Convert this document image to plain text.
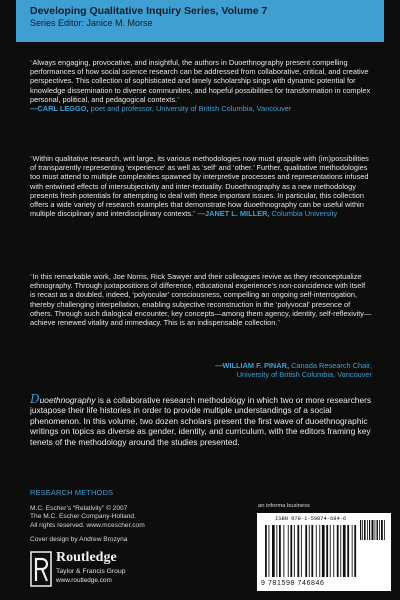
Developing Qualitative Inquiry Series, Volume 7
Series Editor: Janice M. Morse
“Always engaging, provocative, and insightful, the authors in Duoethnography present compelling performances of how social science research can be addressed from collaborative, critical, and creative perspectives. This collection of sophisticated and timely scholarship sings with dynamic potential for knowledge dissemination to diverse communities, and hopeful possibilities for transformation in complex personal, political, and pedagogical contexts.”
—CARL LEGGO, poet and professor, University of British Columbia, Vancouver
“Within qualitative research, writ large, its various methodologies now must grapple with (im)possibilities of transparently representing ‘experience’ as well as ‘self’ and ‘other.’ Further, qualitative methodologies too must attend to multiple complexities spawned by interpretive processes and representations infused with entwined effects of intersubjectivity and inter-textuality. Duoethnography as a new methodology presents fresh potentials for attempting to deal with these important issues. In particular, this collection offers a wide variety of research examples that demonstrate how duoethnography can be useful within multiple disciplinary and interdisciplinary contexts.” —JANET L. MILLER, Columbia University
“In this remarkable work, Joe Norris, Rick Sawyer and their colleagues revive as they reconceptualize ethnography. Through juxtapositions of difference, educational experience’s non-coincidence with itself is recast as a doubled, indeed, ‘polyocular’ consciousness, compelling an ongoing self-interrogation, thereby challenging interpellation, enabling subjective reconstruction in the ‘polyvocal’ presence of others. Through such dialogical encounter, key concepts—among them agency, identity, self-reflexivity—achieve renewed vitality and immediacy. This is an indispensable collection.”
—WILLIAM F. PINAR, Canada Research Chair,
University of British Columbia, Vancouver
Duoethnography is a collaborative research methodology in which two or more researchers juxtapose their life histories in order to provide multiple understandings of a social phenomenon. In this volume, two dozen scholars present the first wave of duoethnographic writings on topics as diverse as gender, identity, and curriculum, with the editors framing key tenets of the methodology around the studies presented.
RESEARCH METHODS
M.C. Escher’s “Relativity” © 2007
The M.C. Escher Company-Holland.
All rights reserved. www.mcescher.com
Cover design by Andrew Brozyna
Routledge
Taylor & Francis Group
www.routledge.com
an informa business
ISBN 978-1-59874-684-6
9 781598 746846
